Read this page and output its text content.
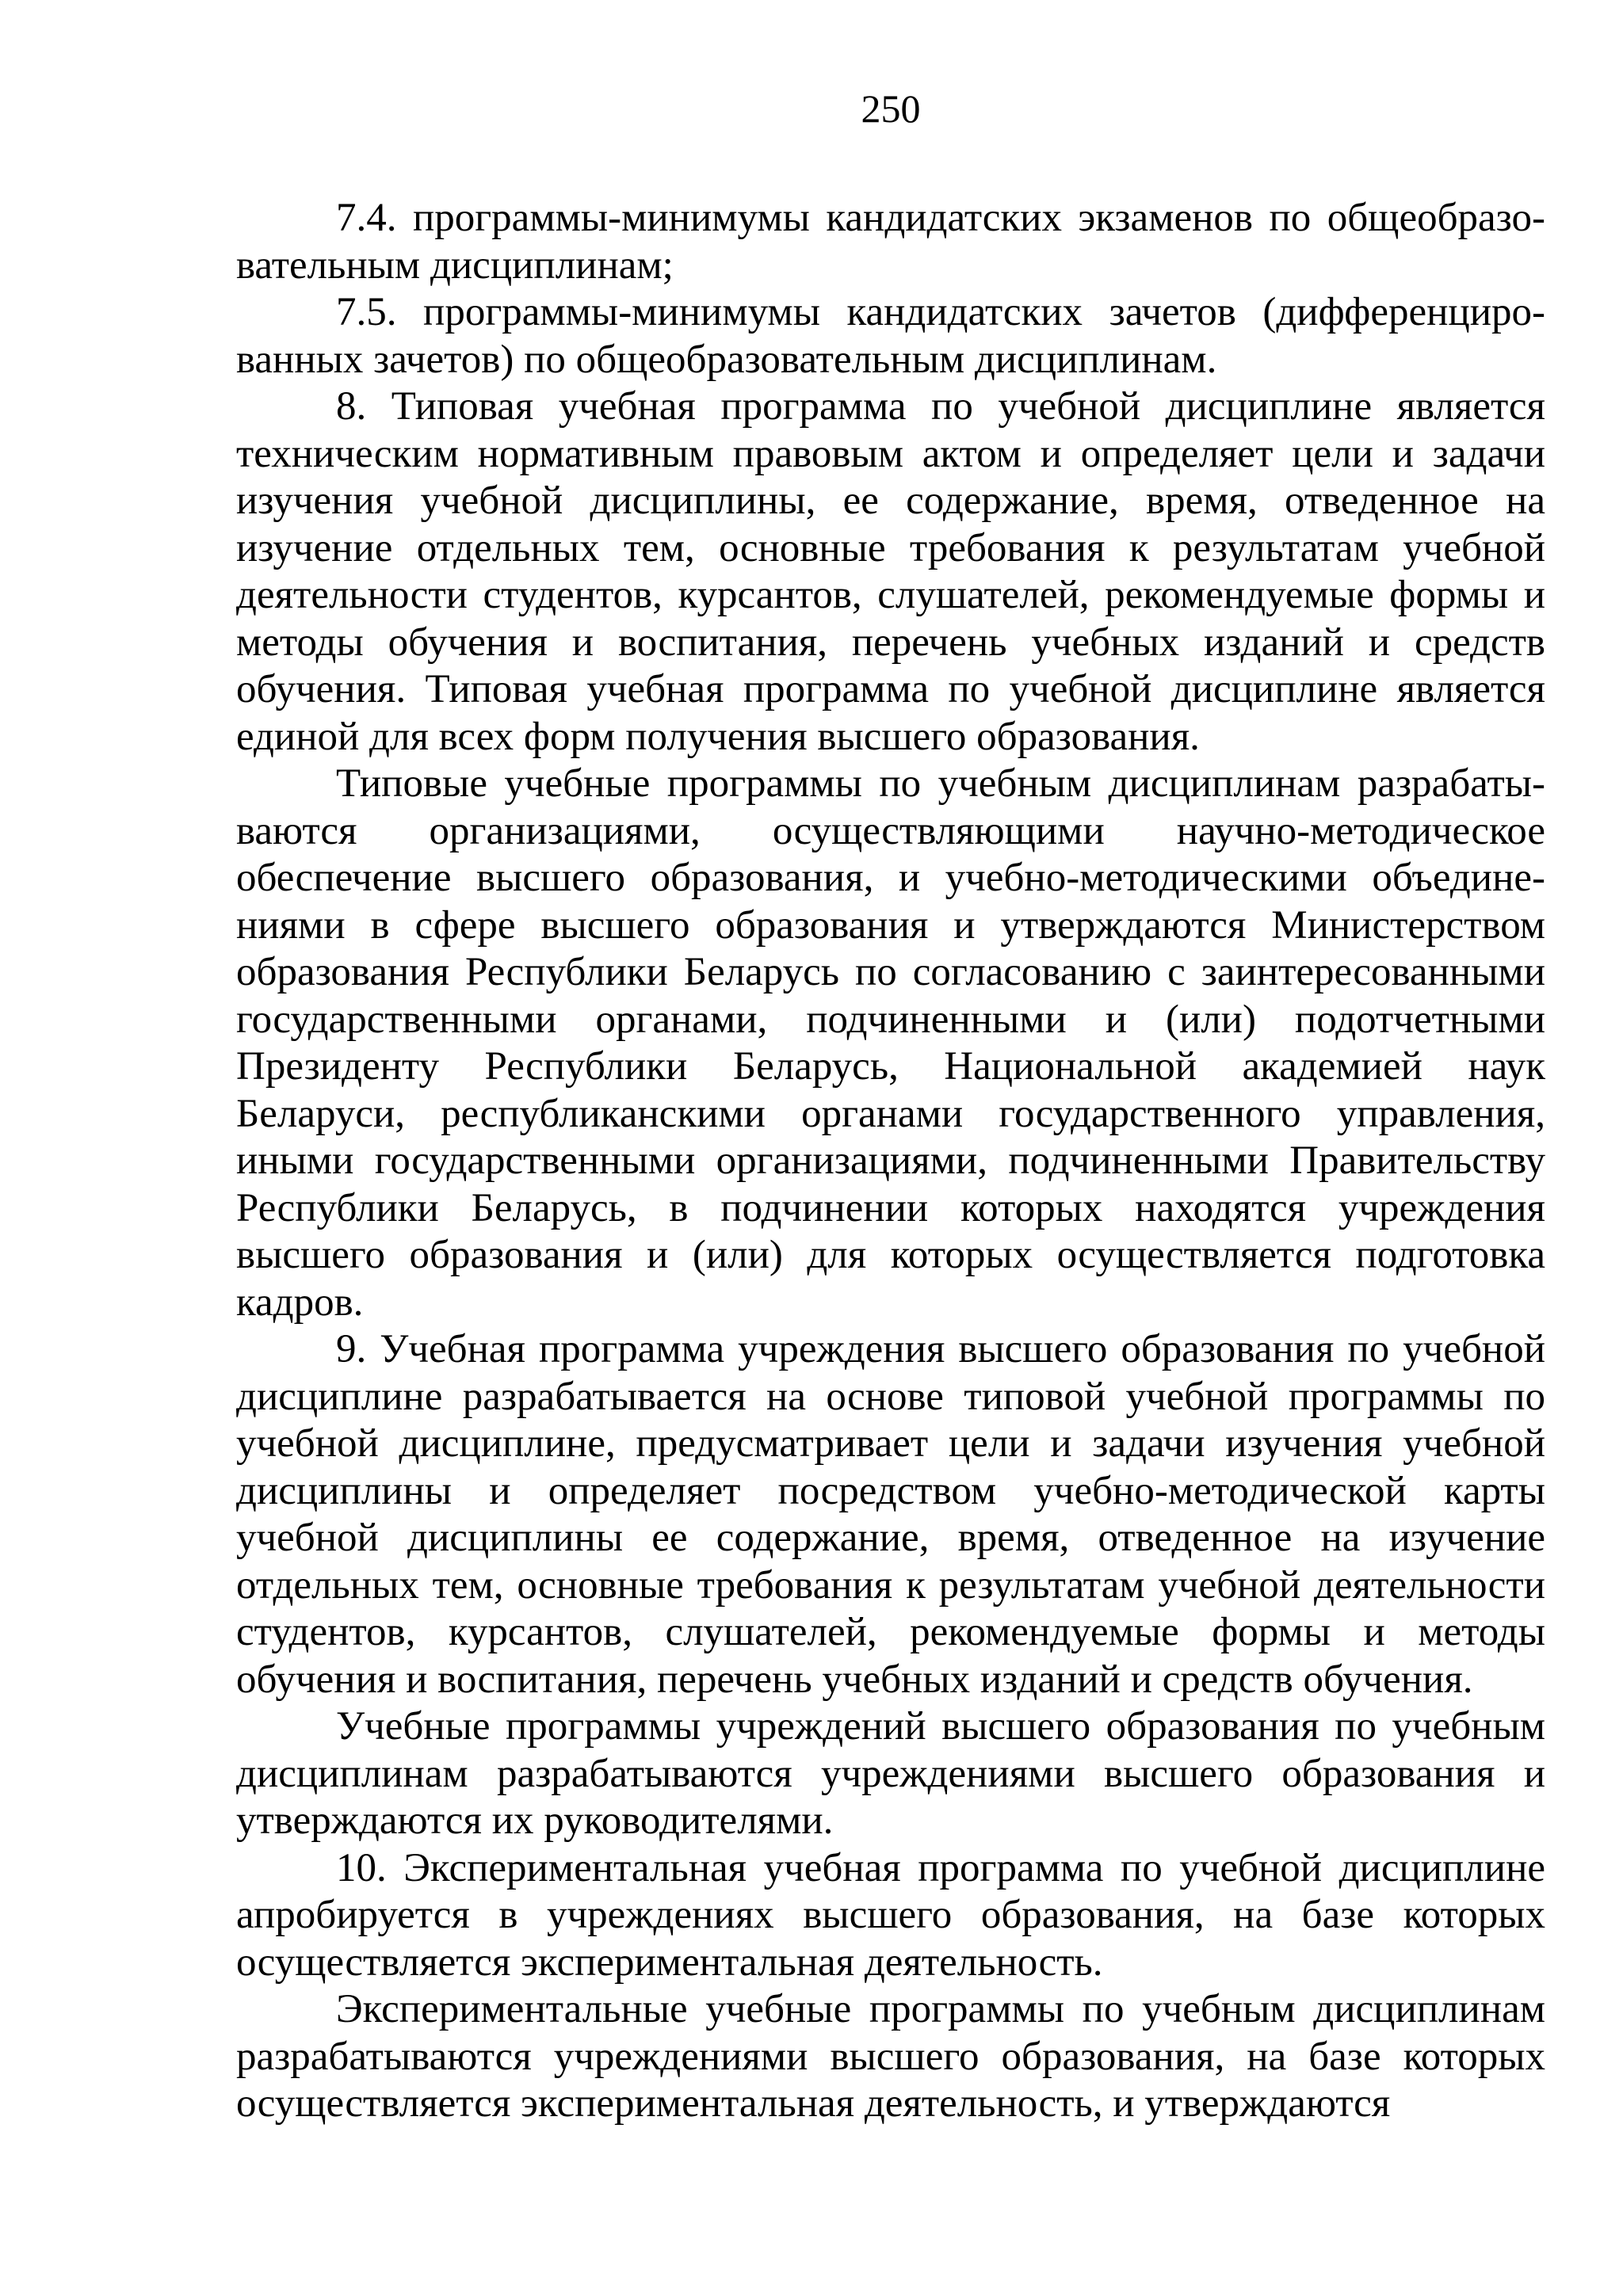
250

7.4. программы-минимумы кандидатских экзаменов по общеобразовательным дисциплинам;

7.5. программы-минимумы кандидатских зачетов (дифференцированных зачетов) по общеобразовательным дисциплинам.

8. Типовая учебная программа по учебной дисциплине является техническим нормативным правовым актом и определяет цели и задачи изучения учебной дисциплины, ее содержание, время, отведенное на изучение отдельных тем, основные требования к результатам учебной деятельности студентов, курсантов, слушателей, рекомендуемые формы и методы обучения и воспитания, перечень учебных изданий и средств обучения. Типовая учебная программа по учебной дисциплине является единой для всех форм получения высшего образования.

Типовые учебные программы по учебным дисциплинам разрабатываются организациями, осуществляющими научно-методическое обеспечение высшего образования, и учебно-методическими объединениями в сфере высшего образования и утверждаются Министерством образования Республики Беларусь по согласованию с заинтересованными государственными органами, подчиненными и (или) подотчетными Президенту Республики Беларусь, Национальной академией наук Беларуси, республиканскими органами государственного управления, иными государственными организациями, подчиненными Правительству Республики Беларусь, в подчинении которых находятся учреждения высшего образования и (или) для которых осуществляется подготовка кадров.

9. Учебная программа учреждения высшего образования по учебной дисциплине разрабатывается на основе типовой учебной программы по учебной дисциплине, предусматривает цели и задачи изучения учебной дисциплины и определяет посредством учебно-методической карты учебной дисциплины ее содержание, время, отведенное на изучение отдельных тем, основные требования к результатам учебной деятельности студентов, курсантов, слушателей, рекомендуемые формы и методы обучения и воспитания, перечень учебных изданий и средств обучения.

Учебные программы учреждений высшего образования по учебным дисциплинам разрабатываются учреждениями высшего образования и утверждаются их руководителями.

10. Экспериментальная учебная программа по учебной дисциплине апробируется в учреждениях высшего образования, на базе которых осуществляется экспериментальная деятельность.

Экспериментальные учебные программы по учебным дисциплинам разрабатываются учреждениями высшего образования, на базе которых осуществляется экспериментальная деятельность, и утверждаются
